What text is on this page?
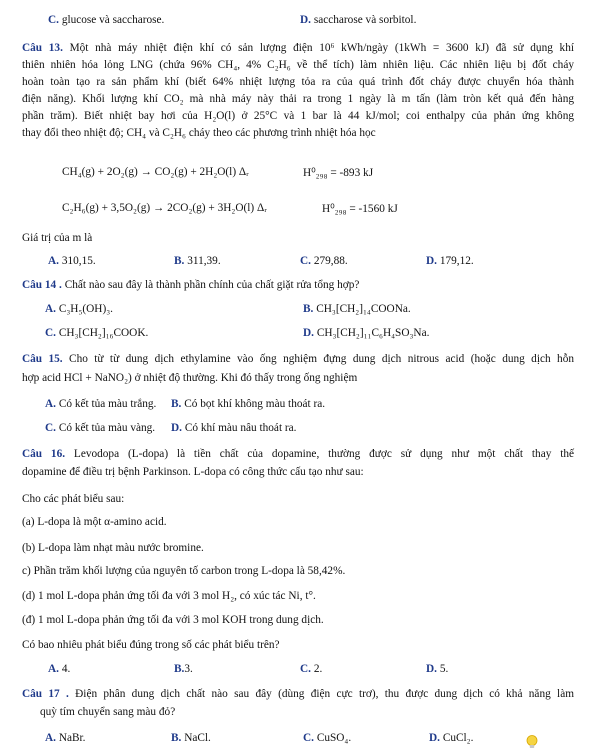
C. glucose và saccharose.	D. saccharose và sorbitol.
Câu 13. Một nhà máy nhiệt điện khí có sản lượng điện 10⁶ kWh/ngày (1kWh = 3600 kJ) đã sử dụng khí
thiên nhiên hóa lỏng LNG (chứa 96% CH₄, 4% C₂H₆ về thể tích) làm nhiên liệu. Các nhiên liệu bị đốt cháy
hoàn toàn tạo ra sản phẩm khí (biết 64% nhiệt lượng tỏa ra của quá trình đốt cháy được chuyển hóa thành
điện năng). Khối lượng khí CO₂ mà nhà máy này thải ra trong 1 ngày là m tấn (làm tròn kết quả đến hàng
phần trăm). Biết nhiệt bay hơi của H₂O(l) ở 25°C và 1 bar là 44 kJ/mol; coi enthalpy của phản ứng không
thay đổi theo nhiệt độ; CH₄ và C₂H₆ cháy theo các phương trình nhiệt hóa học
CH₄(g) + 2O₂(g) → CO₂(g) + 2H₂O(l) Δᵣ	H⁰₂₉₈ = -893 kJ
C₂H₆(g) + 3,5O₂(g) → 2CO₂(g) + 3H₂O(l) Δᵣ	H⁰₂₉₈ = -1560 kJ
Giá trị của m là
A. 310,15.	B. 311,39.	C. 279,88.	D. 179,12.
Câu 14 . Chất nào sau đây là thành phần chính của chất giặt rửa tổng hợp?
A. C₃H₅(OH)₃.	B. CH₃[CH₂]₁₄COONa.
C. CH₃[CH₂]₁₆COOK.	D. CH₃[CH₂]₁₁C₆H₄SO₃Na.
Câu 15. Cho từ từ dung dịch ethylamine vào ống nghiệm đựng dung dịch nitrous acid (hoặc dung dịch hỗn
hợp acid HCl + NaNO₂) ở nhiệt độ thường. Khi đó thấy trong ống nghiệm
A. Có kết tủa màu trắng. B. Có bọt khí không màu thoát ra.
C. Có kết tủa màu vàng. D. Có khí màu nâu thoát ra.
Câu 16. Levodopa (L-dopa) là tiền chất của dopamine, thường được sử dụng như một chất thay thế
dopamine để điều trị bệnh Parkinson. L-dopa có công thức cấu tạo như sau:
Cho các phát biểu sau:
(a) L-dopa là một α-amino acid.
(b) L-dopa làm nhạt màu nước bromine.
c) Phần trăm khối lượng của nguyên tố carbon trong L-dopa là 58,42%.
(d) 1 mol L-dopa phản ứng tối đa với 3 mol H₂, có xúc tác Ni, t°.
(đ) 1 mol L-dopa phản ứng tối đa với 3 mol KOH trong dung dịch.
Có bao nhiêu phát biểu đúng trong số các phát biểu trên?
A. 4.	B.3.	C. 2.	D. 5.
Câu 17 . Điện phân dung dịch chất nào sau đây (dùng điện cực trơ), thu được dung dịch có khả năng làm
quỳ tím chuyển sang màu đỏ?
A. NaBr.	B. NaCl.	C. CuSO₄.	D. CuCl₂.
